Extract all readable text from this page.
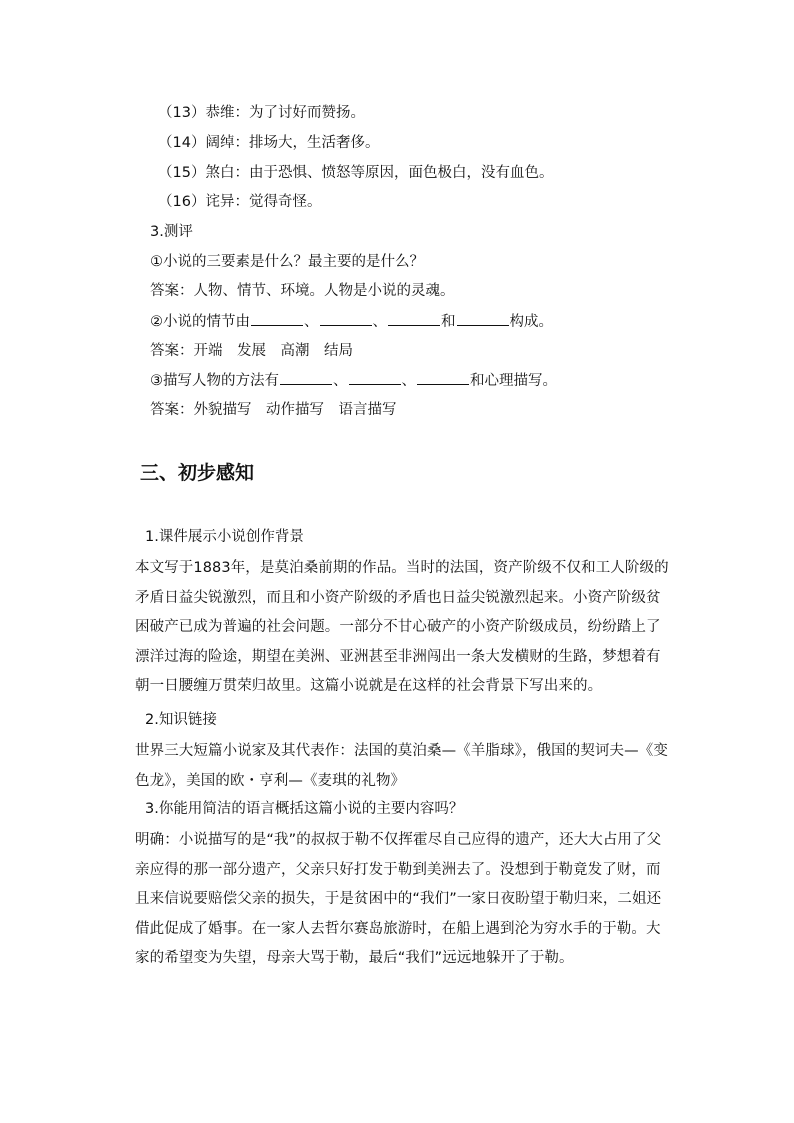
（13）恭维：为了讨好而赞扬。
（14）阔绰：排场大，生活奢侈。
（15）煞白：由于恐惧、愤怒等原因，面色极白，没有血色。
（16）诧异：觉得奇怪。
3.测评
①小说的三要素是什么？最主要的是什么？
答案：人物、情节、环境。人物是小说的灵魂。
②小说的情节由	、	、	和	构成。
答案：开端　发展　高潮　结局
③描写人物的方法有	、	、	和心理描写。
答案：外貌描写　动作描写　语言描写
三、初步感知
1.课件展示小说创作背景
本文写于1883年，是莫泊桑前期的作品。当时的法国，资产阶级不仅和工人阶级的矛盾日益尖锐激烈，而且和小资产阶级的矛盾也日益尖锐激烈起来。小资产阶级贫困破产已成为普遍的社会问题。一部分不甘心破产的小资产阶级成员，纷纷踏上了漂洋过海的险途，期望在美洲、亚洲甚至非洲闯出一条大发横财的生路，梦想着有朝一日腰缠万贯荣归故里。这篇小说就是在这样的社会背景下写出来的。
2.知识链接
世界三大短篇小说家及其代表作：法国的莫泊桑—《羊脂球》，俄国的契诃夫—《变色龙》，美国的欧・亨利—《麦琪的礼物》
3.你能用简洁的语言概括这篇小说的主要内容吗？
明确：小说描写的是“我”的叔叔于勒不仅挥霍尽自己应得的遗产，还大大占用了父亲应得的那一部分遗产，父亲只好打发于勒到美洲去了。没想到于勒竟发了财，而且来信说要赔偿父亲的损失，于是贫困中的“我们”一家日夜盼望于勒归来，二姐还借此促成了婚事。在一家人去哲尔赛岛旅游时，在船上遇到沦为穷水手的于勒。大家的希望变为失望，母亲大骂于勒，最后“我们”远远地躲开了于勒。
